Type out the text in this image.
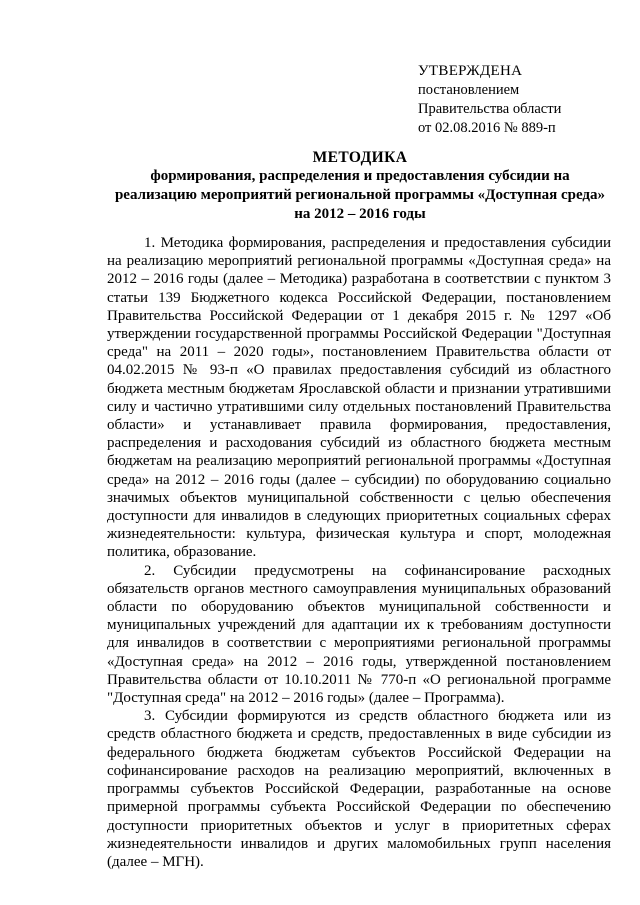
УТВЕРЖДЕНА
постановлением
Правительства области
от 02.08.2016 № 889-п
МЕТОДИКА
формирования, распределения и предоставления субсидии на
реализацию мероприятий региональной программы «Доступная среда»
на 2012 – 2016 годы

1. Методика формирования, распределения и предоставления субсидии на реализацию мероприятий региональной программы «Доступная среда» на 2012 – 2016 годы (далее – Методика) разработана в соответствии с пунктом 3 статьи 139 Бюджетного кодекса Российской Федерации, постановлением Правительства Российской Федерации от 1 декабря 2015 г. № 1297 «Об утверждении государственной программы Российской Федерации "Доступная среда" на 2011 – 2020 годы», постановлением Правительства области от 04.02.2015 № 93-п «О правилах предоставления субсидий из областного бюджета местным бюджетам Ярославской области и признании утратившими силу и частично утратившими силу отдельных постановлений Правительства области» и устанавливает правила формирования, предоставления, распределения и расходования субсидий из областного бюджета местным бюджетам на реализацию мероприятий региональной программы «Доступная среда» на 2012 – 2016 годы (далее – субсидии) по оборудованию социально значимых объектов муниципальной собственности с целью обеспечения доступности для инвалидов в следующих приоритетных социальных сферах жизнедеятельности: культура, физическая культура и спорт, молодежная политика, образование.

2. Субсидии предусмотрены на софинансирование расходных обязательств органов местного самоуправления муниципальных образований области по оборудованию объектов муниципальной собственности и муниципальных учреждений для адаптации их к требованиям доступности для инвалидов в соответствии с мероприятиями региональной программы «Доступная среда» на 2012 – 2016 годы, утвержденной постановлением Правительства области от 10.10.2011 № 770-п «О региональной программе "Доступная среда" на 2012 – 2016 годы» (далее – Программа).

3. Субсидии формируются из средств областного бюджета или из средств областного бюджета и средств, предоставленных в виде субсидии из федерального бюджета бюджетам субъектов Российской Федерации на софинансирование расходов на реализацию мероприятий, включенных в программы субъектов Российской Федерации, разработанные на основе примерной программы субъекта Российской Федерации по обеспечению доступности приоритетных объектов и услуг в приоритетных сферах жизнедеятельности инвалидов и других маломобильных групп населения (далее – МГН).
